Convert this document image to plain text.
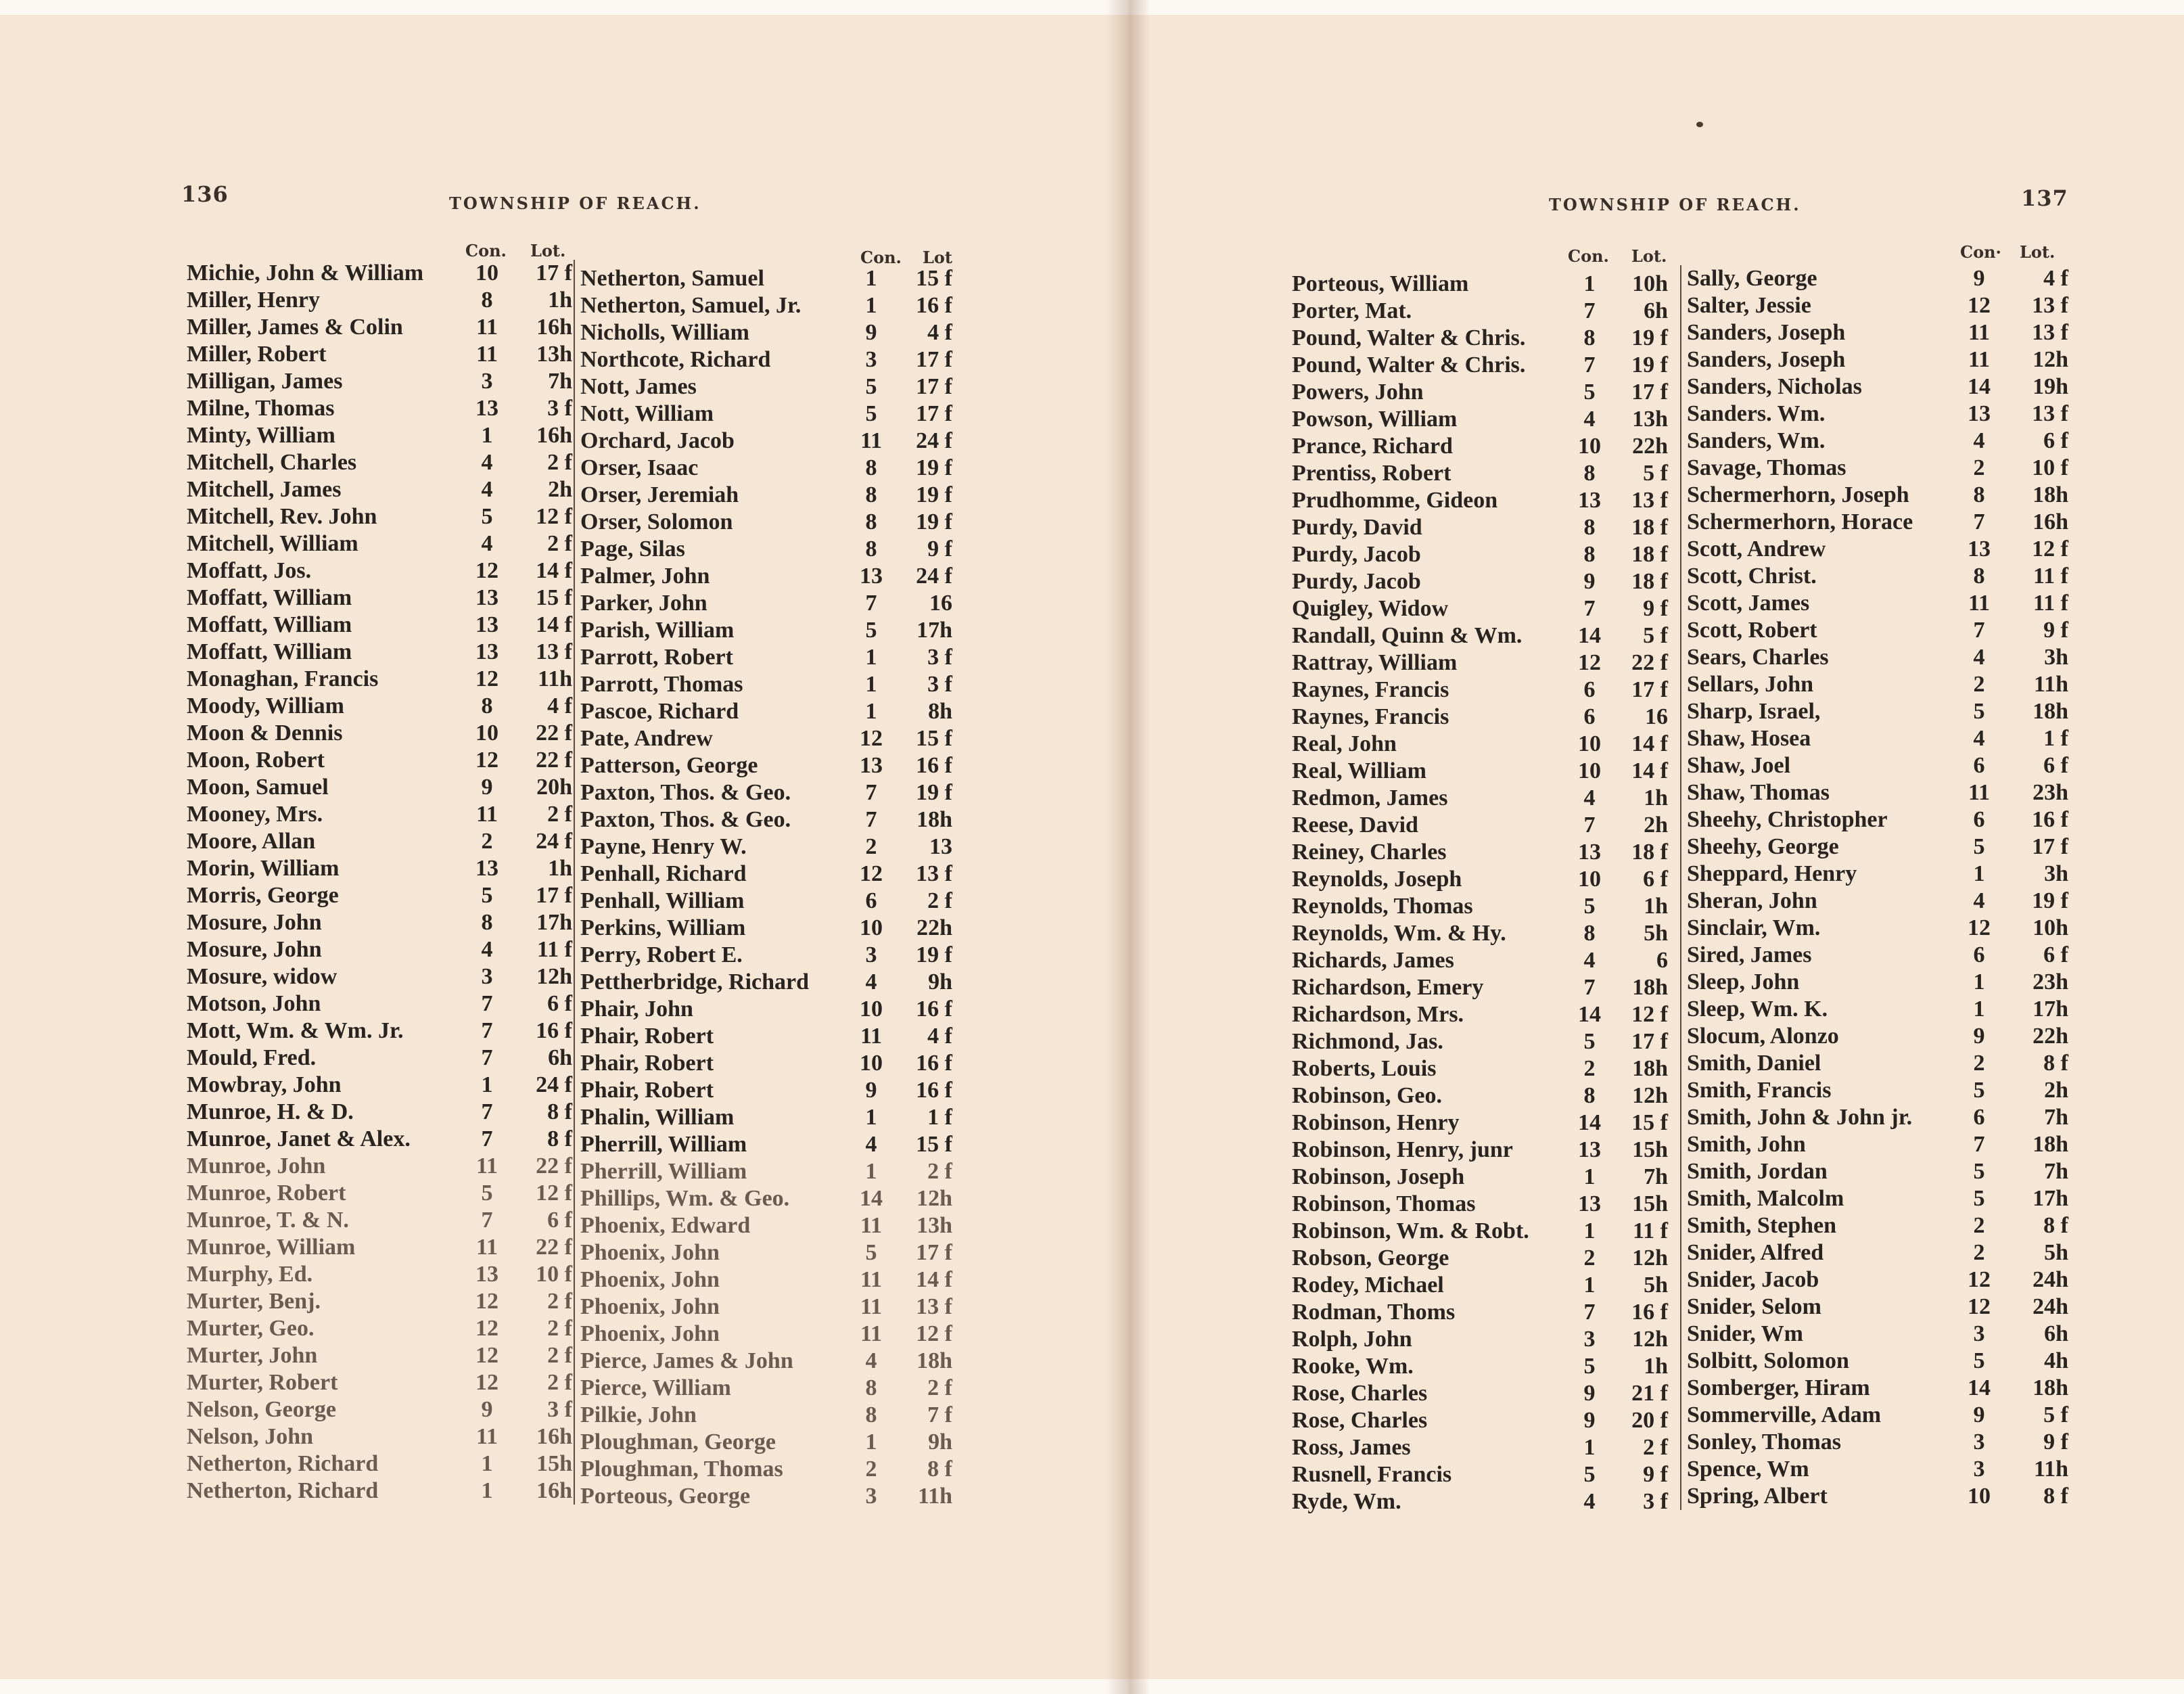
136	TOWNSHIP OF REACH.
Con. Lot.	Con. Lot
Michie, John & William	10	17 f
Miller, Henry	8	1h
Miller, James & Colin	11	16h
Miller, Robert	11	13h
Milligan, James	3	7h
Milne, Thomas	13	3 f
Minty, William	1	16h
Mitchell, Charles	4	2 f
Mitchell, James	4	2h
Mitchell, Rev. John	5	12 f
Mitchell, William	4	2 f
Moffatt, Jos.	12	14 f
Moffatt, William	13	15 f
Moffatt, William	13	14 f
Moffatt, William	13	13 f
Monaghan, Francis	12	11h
Moody, William	8	4 f
Moon & Dennis	10	22 f
Moon, Robert	12	22 f
Moon, Samuel	9	20h
Mooney, Mrs.	11	2 f
Moore, Allan	2	24 f
Morin, William	13	1h
Morris, George	5	17 f
Mosure, John	8	17h
Mosure, John	4	11 f
Mosure, widow	3	12h
Motson, John	7	6 f
Mott, Wm. & Wm. Jr.	7	16 f
Mould, Fred.	7	6h
Mowbray, John	1	24 f
Munroe, H. & D.	7	8 f
Munroe, Janet & Alex.	7	8 f
Munroe, John	11	22 f
Munroe, Robert	5	12 f
Munroe, T. & N.	7	6 f
Munroe, William	11	22 f
Murphy, Ed.	13	10 f
Murter, Benj.	12	2 f
Murter, Geo.	12	2 f
Murter, John	12	2 f
Murter, Robert	12	2 f
Nelson, George	9	3 f
Nelson, John	11	16h
Netherton, Richard	1	15h
Netherton, Richard	1	16h
Netherton, Samuel	1	15 f
Netherton, Samuel, Jr.	1	16 f
Nicholls, William	9	4 f
Northcote, Richard	3	17 f
Nott, James	5	17 f
Nott, William	5	17 f
Orchard, Jacob	11	24 f
Orser, Isaac	8	19 f
Orser, Jeremiah	8	19 f
Orser, Solomon	8	19 f
Page, Silas	8	9 f
Palmer, John	13	24 f
Parker, John	7	16
Parish, William	5	17h
Parrott, Robert	1	3 f
Parrott, Thomas	1	3 f
Pascoe, Richard	1	8h
Pate, Andrew	12	15 f
Patterson, George	13	16 f
Paxton, Thos. & Geo.	7	19 f
Paxton, Thos. & Geo.	7	18h
Payne, Henry W.	2	13
Penhall, Richard	12	13 f
Penhall, William	6	2 f
Perkins, William	10	22h
Perry, Robert E.	3	19 f
Pettherbridge, Richard	4	9h
Phair, John	10	16 f
Phair, Robert	11	4 f
Phair, Robert	10	16 f
Phair, Robert	9	16 f
Phalin, William	1	1 f
Pherrill, William	4	15 f
Pherrill, William	1	2 f
Phillips, Wm. & Geo.	14	12h
Phoenix, Edward	11	13h
Phoenix, John	5	17 f
Phoenix, John	11	14 f
Phoenix, John	11	13 f
Phoenix, John	11	12 f
Pierce, James & John	4	18h
Pierce, William	8	2 f
Pilkie, John	8	7 f
Ploughman, George	1	9h
Ploughman, Thomas	2	8 f
Porteous, George	3	11h
TOWNSHIP OF REACH.	137
Con. Lot.	Con· Lot.
Porteous, William	1	10h
Porter, Mat.	7	6h
Pound, Walter & Chris.	8	19 f
Pound, Walter & Chris.	7	19 f
Powers, John	5	17 f
Powson, William	4	13h
Prance, Richard	10	22h
Prentiss, Robert	8	5 f
Prudhomme, Gideon	13	13 f
Purdy, David	8	18 f
Purdy, Jacob	8	18 f
Purdy, Jacob	9	18 f
Quigley, Widow	7	9 f
Randall, Quinn & Wm.	14	5 f
Rattray, William	12	22 f
Raynes, Francis	6	17 f
Raynes, Francis	6	16
Real, John	10	14 f
Real, William	10	14 f
Redmon, James	4	1h
Reese, David	7	2h
Reiney, Charles	13	18 f
Reynolds, Joseph	10	6 f
Reynolds, Thomas	5	1h
Reynolds, Wm. & Hy.	8	5h
Richards, James	4	6
Richardson, Emery	7	18h
Richardson, Mrs.	14	12 f
Richmond, Jas.	5	17 f
Roberts, Louis	2	18h
Robinson, Geo.	8	12h
Robinson, Henry	14	15 f
Robinson, Henry, junr	13	15h
Robinson, Joseph	1	7h
Robinson, Thomas	13	15h
Robinson, Wm. & Robt.	1	11 f
Robson, George	2	12h
Rodey, Michael	1	5h
Rodman, Thoms	7	16 f
Rolph, John	3	12h
Rooke, Wm.	5	1h
Rose, Charles	9	21 f
Rose, Charles	9	20 f
Ross, James	1	2 f
Rusnell, Francis	5	9 f
Ryde, Wm.	4	3 f
Sally, George	9	4 f
Salter, Jessie	12	13 f
Sanders, Joseph	11	13 f
Sanders, Joseph	11	12h
Sanders, Nicholas	14	19h
Sanders. Wm.	13	13 f
Sanders, Wm.	4	6 f
Savage, Thomas	2	10 f
Schermerhorn, Joseph	8	18h
Schermerhorn, Horace	7	16h
Scott, Andrew	13	12 f
Scott, Christ.	8	11 f
Scott, James	11	11 f
Scott, Robert	7	9 f
Sears, Charles	4	3h
Sellars, John	2	11h
Sharp, Israel,	5	18h
Shaw, Hosea	4	1 f
Shaw, Joel	6	6 f
Shaw, Thomas	11	23h
Sheehy, Christopher	6	16 f
Sheehy, George	5	17 f
Sheppard, Henry	1	3h
Sheran, John	4	19 f
Sinclair, Wm.	12	10h
Sired, James	6	6 f
Sleep, John	1	23h
Sleep, Wm. K.	1	17h
Slocum, Alonzo	9	22h
Smith, Daniel	2	8 f
Smith, Francis	5	2h
Smith, John & John jr.	6	7h
Smith, John	7	18h
Smith, Jordan	5	7h
Smith, Malcolm	5	17h
Smith, Stephen	2	8 f
Snider, Alfred	2	5h
Snider, Jacob	12	24h
Snider, Selom	12	24h
Snider, Wm	3	6h
Solbitt, Solomon	5	4h
Somberger, Hiram	14	18h
Sommerville, Adam	9	5 f
Sonley, Thomas	3	9 f
Spence, Wm	3	11h
Spring, Albert	10	8 f
